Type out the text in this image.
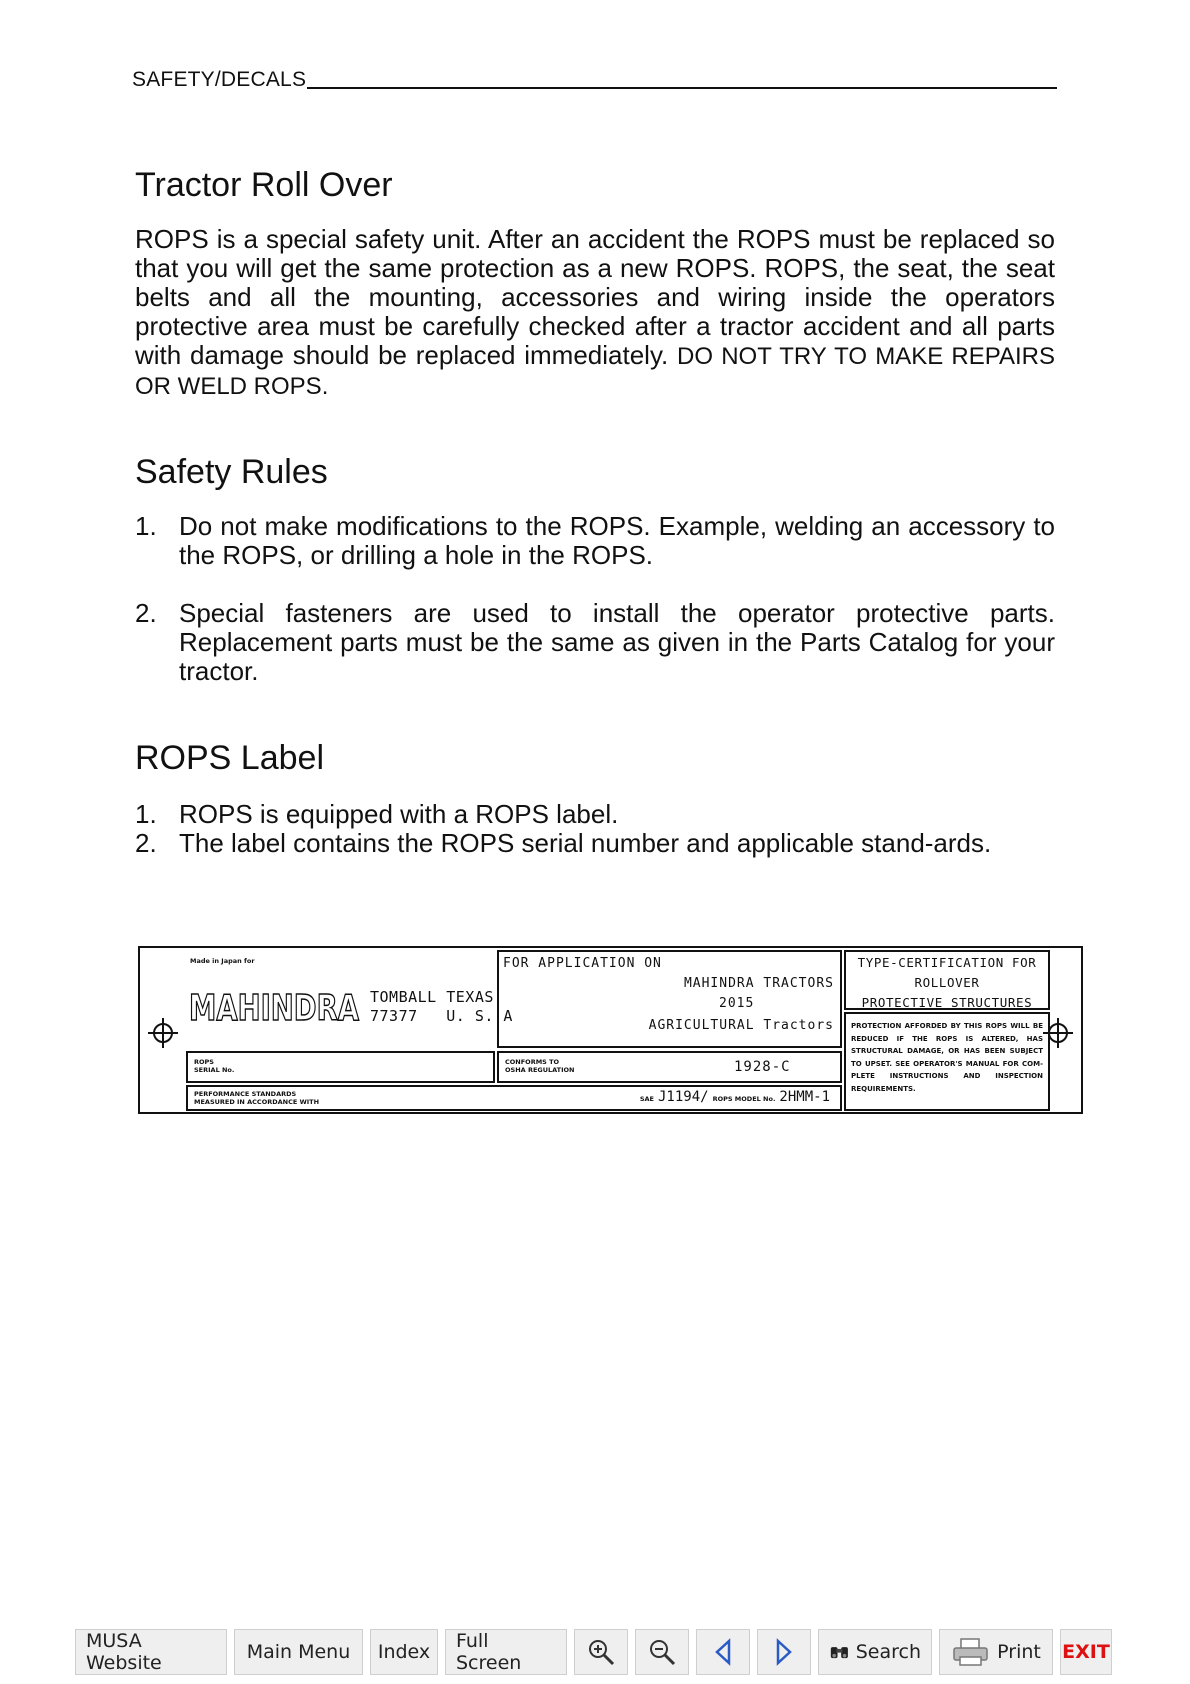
SAFETY/DECALS
Tractor Roll Over

ROPS is a special safety unit. After an accident the ROPS must be replaced so that you will get the same protection as a new ROPS. ROPS, the seat, the seat belts and all the mounting, accessories and wiring inside the operators protective area must be carefully checked after a tractor accident and all parts with damage should be replaced immediately. DO NOT TRY TO MAKE REPAIRS OR WELD ROPS.

Safety Rules
1. Do not make modifications to the ROPS. Example, welding an accessory to the ROPS, or drilling a hole in the ROPS.
2. Special fasteners are used to install the operator protective parts. Replacement parts must be the same as given in the Parts Catalog for your tractor.
ROPS Label
1. ROPS is equipped with a ROPS label.
2. The label contains the ROPS serial number and applicable stand-ards.
Made in Japan for
MAHINDRA TOMBALL TEXAS
77377   U. S. A
ROPS
SERIAL No.
PERFORMANCE STANDARDS
MEASURED IN ACCORDANCE WITH	SAE J1194/ ROPS MODEL No. 2HMM-1
FOR APPLICATION ON
MAHINDRA TRACTORS
2015
AGRICULTURAL Tractors
CONFORMS TO
OSHA REGULATION	1928-C
TYPE-CERTIFICATION FOR
ROLLOVER
PROTECTIVE STRUCTURES
PROTECTION AFFORDED BY THIS ROPS WILL BE REDUCED IF THE ROPS IS ALTERED, HAS STRUCTURAL DAMAGE, OR HAS BEEN SUBJECT TO UPSET. SEE OPERATOR'S MANUAL FOR COM-PLETE INSTRUCTIONS AND INSPECTION REQUIREMENTS.
MUSA Website	Main Menu Index Full Screen	Search	Print EXIT
